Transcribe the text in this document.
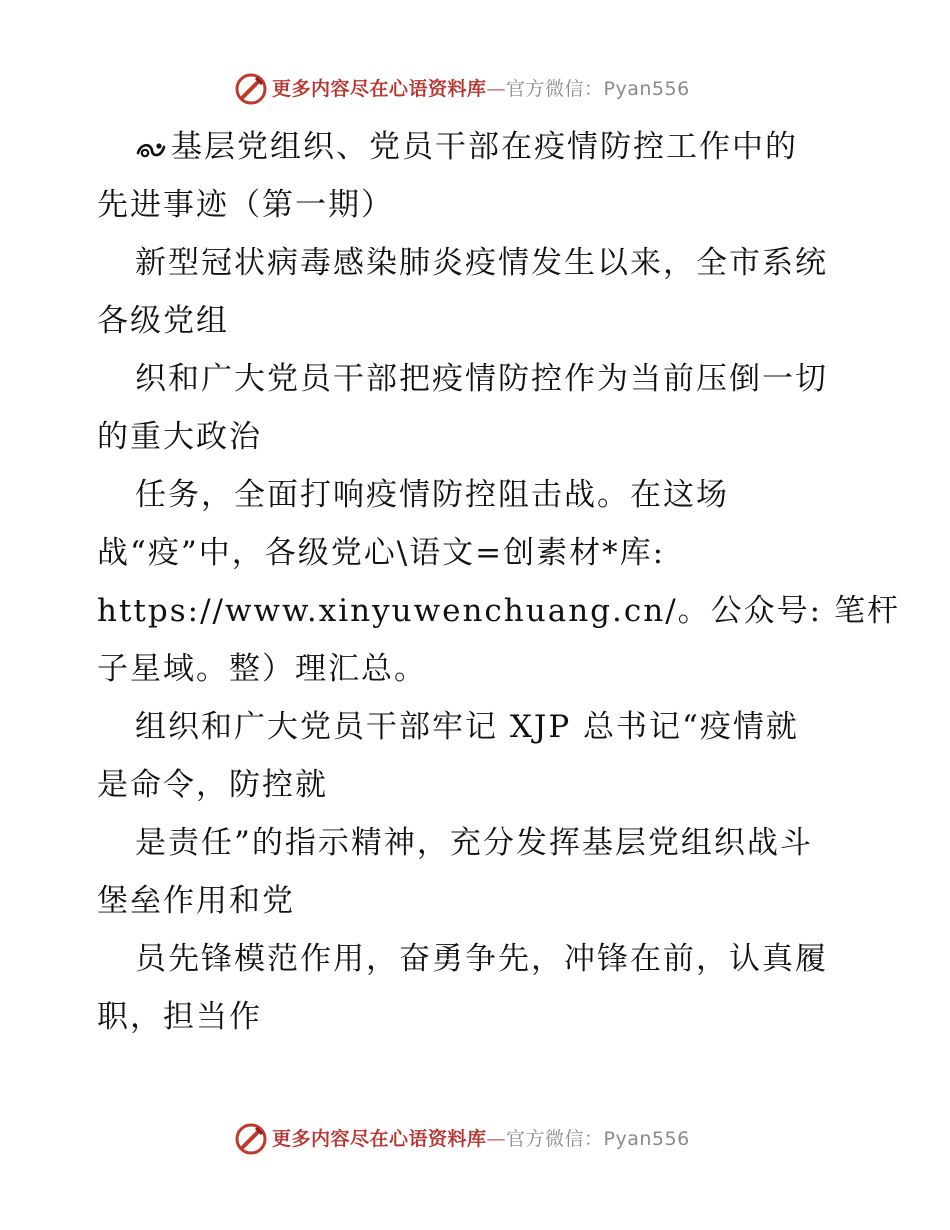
更多内容尽在心语资料库—官方微信：Pyan556
基层党组织、党员干部在疫情防控工作中的
先进事迹（第一期）
新型冠状病毒感染肺炎疫情发生以来，全市系统
各级党组
织和广大党员干部把疫情防控作为当前压倒一切
的重大政治
任务，全面打响疫情防控阻击战。在这场
战“疫”中，各级党心\语文=创素材*库:
https://www.xinyuwenchuang.cn/。公众号: 笔杆
子星域。整）理汇总。
组织和广大党员干部牢记 XJP 总书记“疫情就
是命令，防控就
是责任”的指示精神，充分发挥基层党组织战斗
堡垒作用和党
员先锋模范作用，奋勇争先，冲锋在前，认真履
职，担当作
更多内容尽在心语资料库—官方微信：Pyan556
